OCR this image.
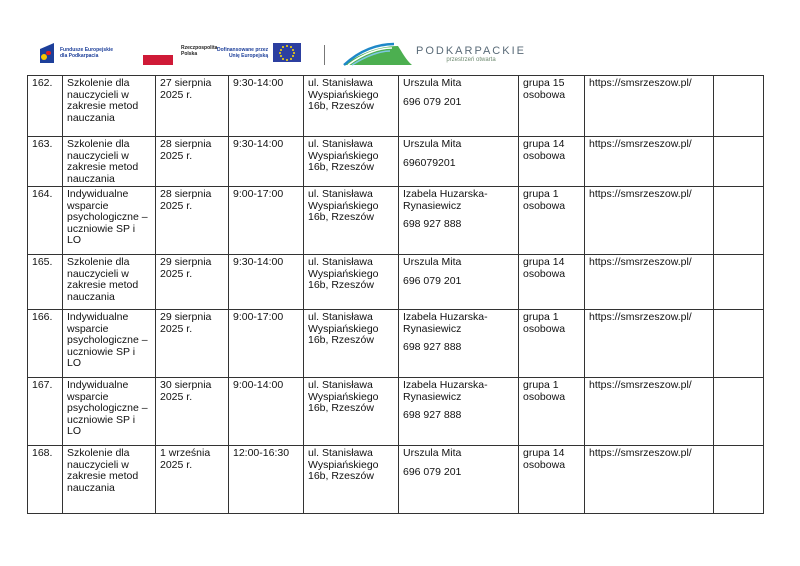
Fundusze Europejskie
dla Podkarpacia
Rzeczpospolita
Polska
Dofinansowane przez
Unię Europejską	PODKARPACKIE
przestrzeń otwarta
162.	Szkolenie dla nauczycieli w zakresie metod nauczania	27 sierpnia 2025 r.	9:30-14:00	ul. Stanisława Wyspiańskiego 16b, Rzeszów	Urszula Mita
696 079 201	grupa 15 osobowa	https://smsrzeszow.pl/	
163.	Szkolenie dla nauczycieli w zakresie metod nauczania	28 sierpnia 2025 r.	9:30-14:00	ul. Stanisława Wyspiańskiego 16b, Rzeszów	Urszula Mita
696079201	grupa 14 osobowa	https://smsrzeszow.pl/	
164.	Indywidualne wsparcie psychologiczne –uczniowie SP i LO	28 sierpnia 2025 r.	9:00-17:00	ul. Stanisława Wyspiańskiego 16b, Rzeszów	Izabela Huzarska-Rynasiewicz
698 927 888	grupa 1 osobowa	https://smsrzeszow.pl/	
165.	Szkolenie dla nauczycieli w zakresie metod nauczania	29 sierpnia 2025 r.	9:30-14:00	ul. Stanisława Wyspiańskiego 16b, Rzeszów	Urszula Mita
696 079 201	grupa 14 osobowa	https://smsrzeszow.pl/	
166.	Indywidualne wsparcie psychologiczne –uczniowie SP i LO	29 sierpnia 2025 r.	9:00-17:00	ul. Stanisława Wyspiańskiego 16b, Rzeszów	Izabela Huzarska-Rynasiewicz
698 927 888	grupa 1 osobowa	https://smsrzeszow.pl/	
167.	Indywidualne wsparcie psychologiczne –uczniowie SP i LO	30 sierpnia 2025 r.	9:00-14:00	ul. Stanisława Wyspiańskiego 16b, Rzeszów	Izabela Huzarska-Rynasiewicz
698 927 888	grupa 1 osobowa	https://smsrzeszow.pl/	
168.	Szkolenie dla nauczycieli w zakresie metod nauczania	1 września 2025 r.	12:00-16:30	ul. Stanisława Wyspiańskiego 16b, Rzeszów	Urszula Mita
696 079 201	grupa 14 osobowa	https://smsrzeszow.pl/	
